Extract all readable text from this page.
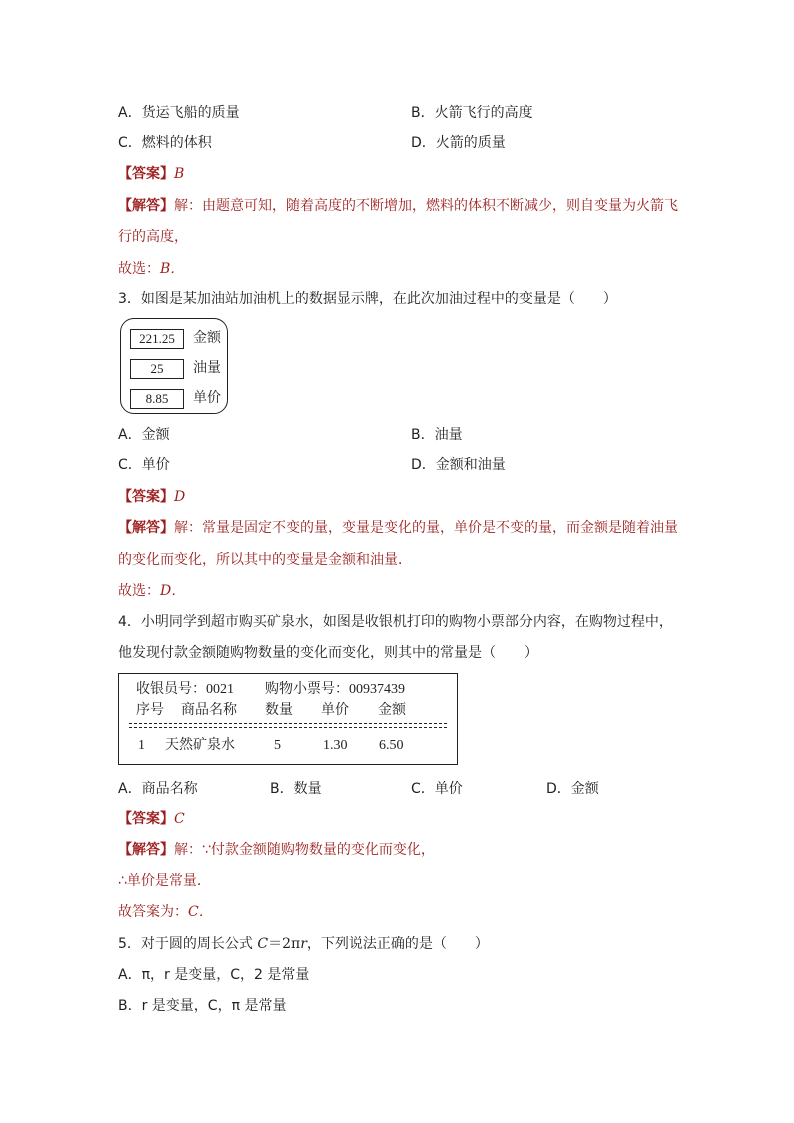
A．货运飞船的质量	B．火箭飞行的高度
C．燃料的体积	D．火箭的质量
【答案】B
【解答】解：由题意可知，随着高度的不断增加，燃料的体积不断减少，则自变量为火箭飞
行的高度，
故选：B．
3．如图是某加油站加油机上的数据显示牌，在此次加油过程中的变量是（　　）
221.25	金额
25	油量
8.85	单价
A．金额	B．油量
C．单价	D．金额和油量
【答案】D
【解答】解：常量是固定不变的量，变量是变化的量，单价是不变的量，而金额是随着油量
的变化而变化，所以其中的变量是金额和油量．
故选：D．
4．小明同学到超市购买矿泉水，如图是收银机打印的购物小票部分内容，在购物过程中，
他发现付款金额随购物数量的变化而变化，则其中的常量是（　　）
收银员号：0021 购物小票号：00937439
序号 商品名称 数量 单价 金额
1 天然矿泉水	5	1.30 6.50
A．商品名称	B．数量	C．单价	D．金额
【答案】C
【解答】解：∵付款金额随购物数量的变化而变化，
∴单价是常量．
故答案为：C．
5．对于圆的周长公式 C＝2πr，下列说法正确的是（　　）
A．π，r 是变量，C，2 是常量
B．r 是变量，C，π 是常量
